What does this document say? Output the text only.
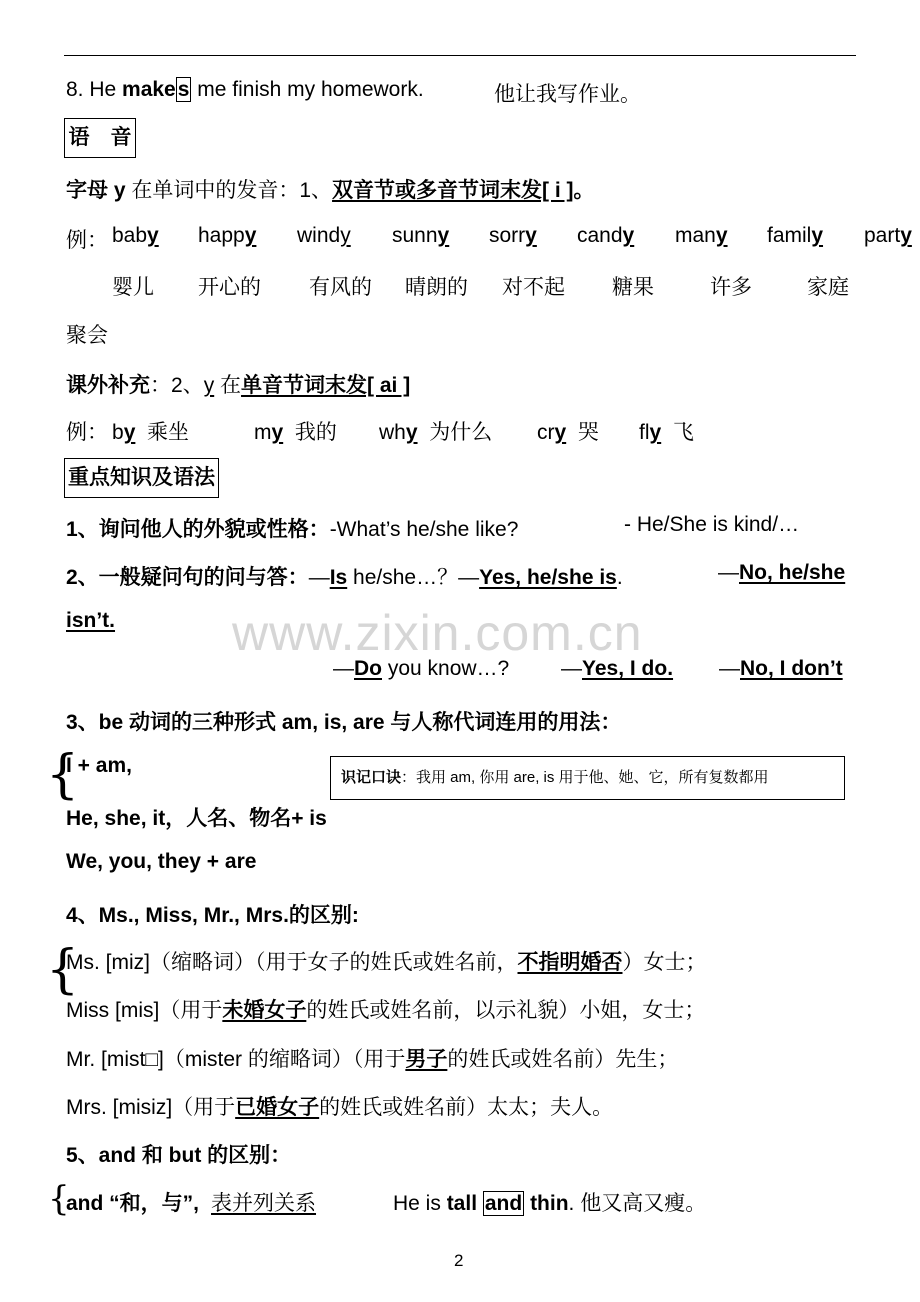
8. He makes me finish my homework.	他让我写作业。
语　音
字母 y 在单词中的发音：1、双音节或多音节词末发[ i ]。
例： baby happy windy sunny sorry candy many family party
婴儿 开心的 有风的 晴朗的 对不起 糖果	许多	家庭
聚会
课外补充：2、y 在单音节词末发[ ai ]
例： by 乘坐	my 我的 why 为什么 cry 哭 fly 飞
重点知识及语法
1、询问他人的外貌或性格：-What’s he/she like?	- He/She is kind/…
2、一般疑问句的问与答：—Is he/she…？—Yes, he/she is.	—No, he/she
isn’t.
—Do you know…? —Yes, I do. —No, I don’t
3、be 动词的三种形式 am, is, are 与人称代词连用的用法：
{
I + am,
识记口诀：我用 am, 你用 are, is 用于他、她、它，所有复数都用
He, she, it，人名、物名+ is
We, you, they + are
4、Ms., Miss, Mr., Mrs.的区别:
{
Ms. [miz]（缩略词）（用于女子的姓氏或姓名前，不指明婚否）女士；
Miss [mis]（用于未婚女子的姓氏或姓名前，以示礼貌）小姐，女士；
Mr. [mist□]（mister 的缩略词）（用于男子的姓氏或姓名前）先生；
Mrs. [misiz]（用于已婚女子的姓氏或姓名前）太太；夫人。
5、and 和 but 的区别：
{
and “和，与”, 表并列关系	He is tall and thin. 他又高又瘦。
www.zixin.com.cn
2
